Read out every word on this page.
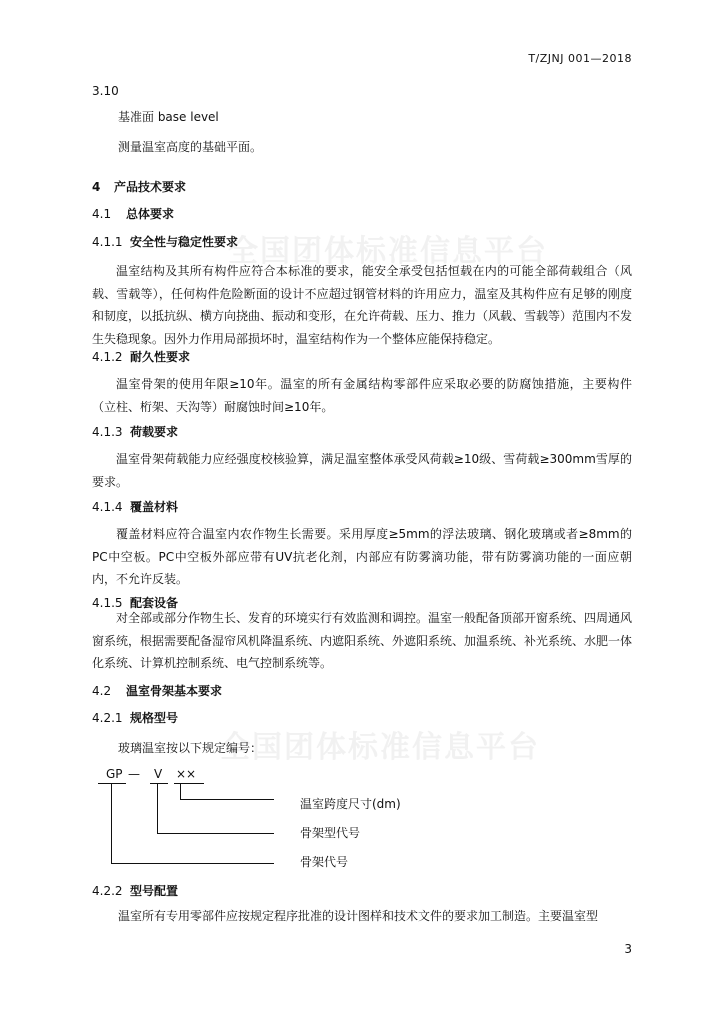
全国团体标准信息平台
全国团体标准信息平台
T/ZJNJ 001—2018
3.10
基准面 base level
测量温室高度的基础平面。
4 产品技术要求
4.1 总体要求
4.1.1 安全性与稳定性要求
温室结构及其所有构件应符合本标准的要求，能安全承受包括恒载在内的可能全部荷载组合（风载、雪载等），任何构件危险断面的设计不应超过钢管材料的许用应力，温室及其构件应有足够的刚度和韧度，以抵抗纵、横方向挠曲、振动和变形，在允许荷载、压力、推力（风载、雪载等）范围内不发生失稳现象。因外力作用局部损坏时，温室结构作为一个整体应能保持稳定。
4.1.2 耐久性要求
温室骨架的使用年限≥10年。温室的所有金属结构零部件应采取必要的防腐蚀措施，主要构件（立柱、桁架、天沟等）耐腐蚀时间≥10年。
4.1.3 荷载要求
温室骨架荷载能力应经强度校核验算，满足温室整体承受风荷载≥10级、雪荷载≥300mm雪厚的要求。
4.1.4 覆盖材料
覆盖材料应符合温室内农作物生长需要。采用厚度≥5mm的浮法玻璃、钢化玻璃或者≥8mm的PC中空板。PC中空板外部应带有UV抗老化剂，内部应有防雾滴功能，带有防雾滴功能的一面应朝内，不允许反装。
4.1.5 配套设备
对全部或部分作物生长、发育的环境实行有效监测和调控。温室一般配备顶部开窗系统、四周通风窗系统，根据需要配备湿帘风机降温系统、内遮阳系统、外遮阳系统、加温系统、补光系统、水肥一体化系统、计算机控制系统、电气控制系统等。
4.2 温室骨架基本要求
4.2.1 规格型号
玻璃温室按以下规定编号：
GP — V ××
温室跨度尺寸(dm)
骨架型代号
骨架代号
4.2.2 型号配置
温室所有专用零部件应按规定程序批准的设计图样和技术文件的要求加工制造。主要温室型
3
